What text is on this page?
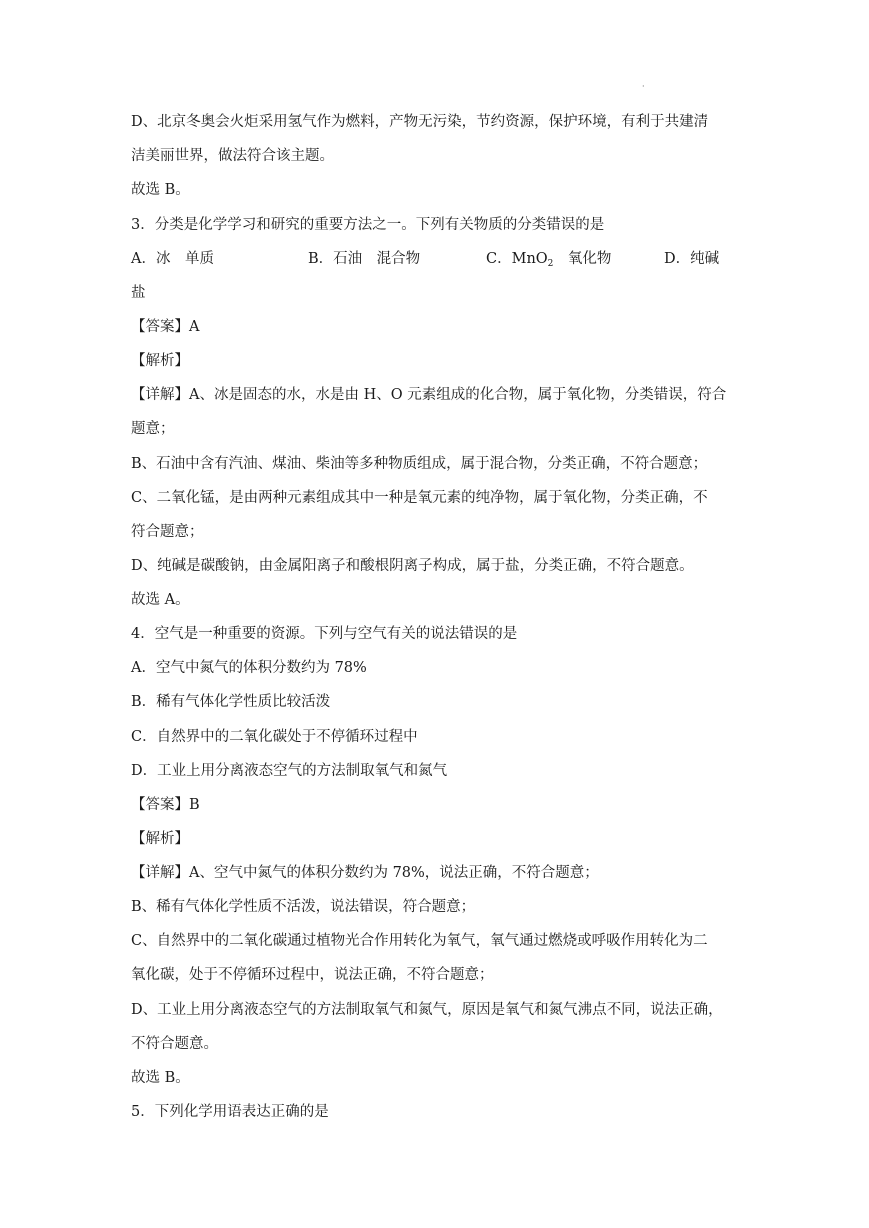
·
D、北京冬奥会火炬采用氢气作为燃料，产物无污染，节约资源，保护环境，有利于共建清
洁美丽世界，做法符合该主题。
故选 B。
3．分类是化学学习和研究的重要方法之一。下列有关物质的分类错误的是
A．冰　单质	B．石油　混合物	C．MnO$_2$　氧化物	D．纯碱
盐
【答案】A
【解析】
【详解】A、冰是固态的水，水是由 H、O 元素组成的化合物，属于氧化物，分类错误，符合
题意；
B、石油中含有汽油、煤油、柴油等多种物质组成，属于混合物，分类正确，不符合题意；
C、二氧化锰，是由两种元素组成其中一种是氧元素的纯净物，属于氧化物，分类正确，不
符合题意；
D、纯碱是碳酸钠，由金属阳离子和酸根阴离子构成，属于盐，分类正确，不符合题意。
故选 A。
4．空气是一种重要的资源。下列与空气有关的说法错误的是
A．空气中氮气的体积分数约为 78%
B．稀有气体化学性质比较活泼
C．自然界中的二氧化碳处于不停循环过程中
D．工业上用分离液态空气的方法制取氧气和氮气
【答案】B
【解析】
【详解】A、空气中氮气的体积分数约为 78%，说法正确，不符合题意；
B、稀有气体化学性质不活泼，说法错误，符合题意；
C、自然界中的二氧化碳通过植物光合作用转化为氧气，氧气通过燃烧或呼吸作用转化为二
氧化碳，处于不停循环过程中，说法正确，不符合题意；
D、工业上用分离液态空气的方法制取氧气和氮气，原因是氧气和氮气沸点不同，说法正确，
不符合题意。
故选 B。
5．下列化学用语表达正确的是
